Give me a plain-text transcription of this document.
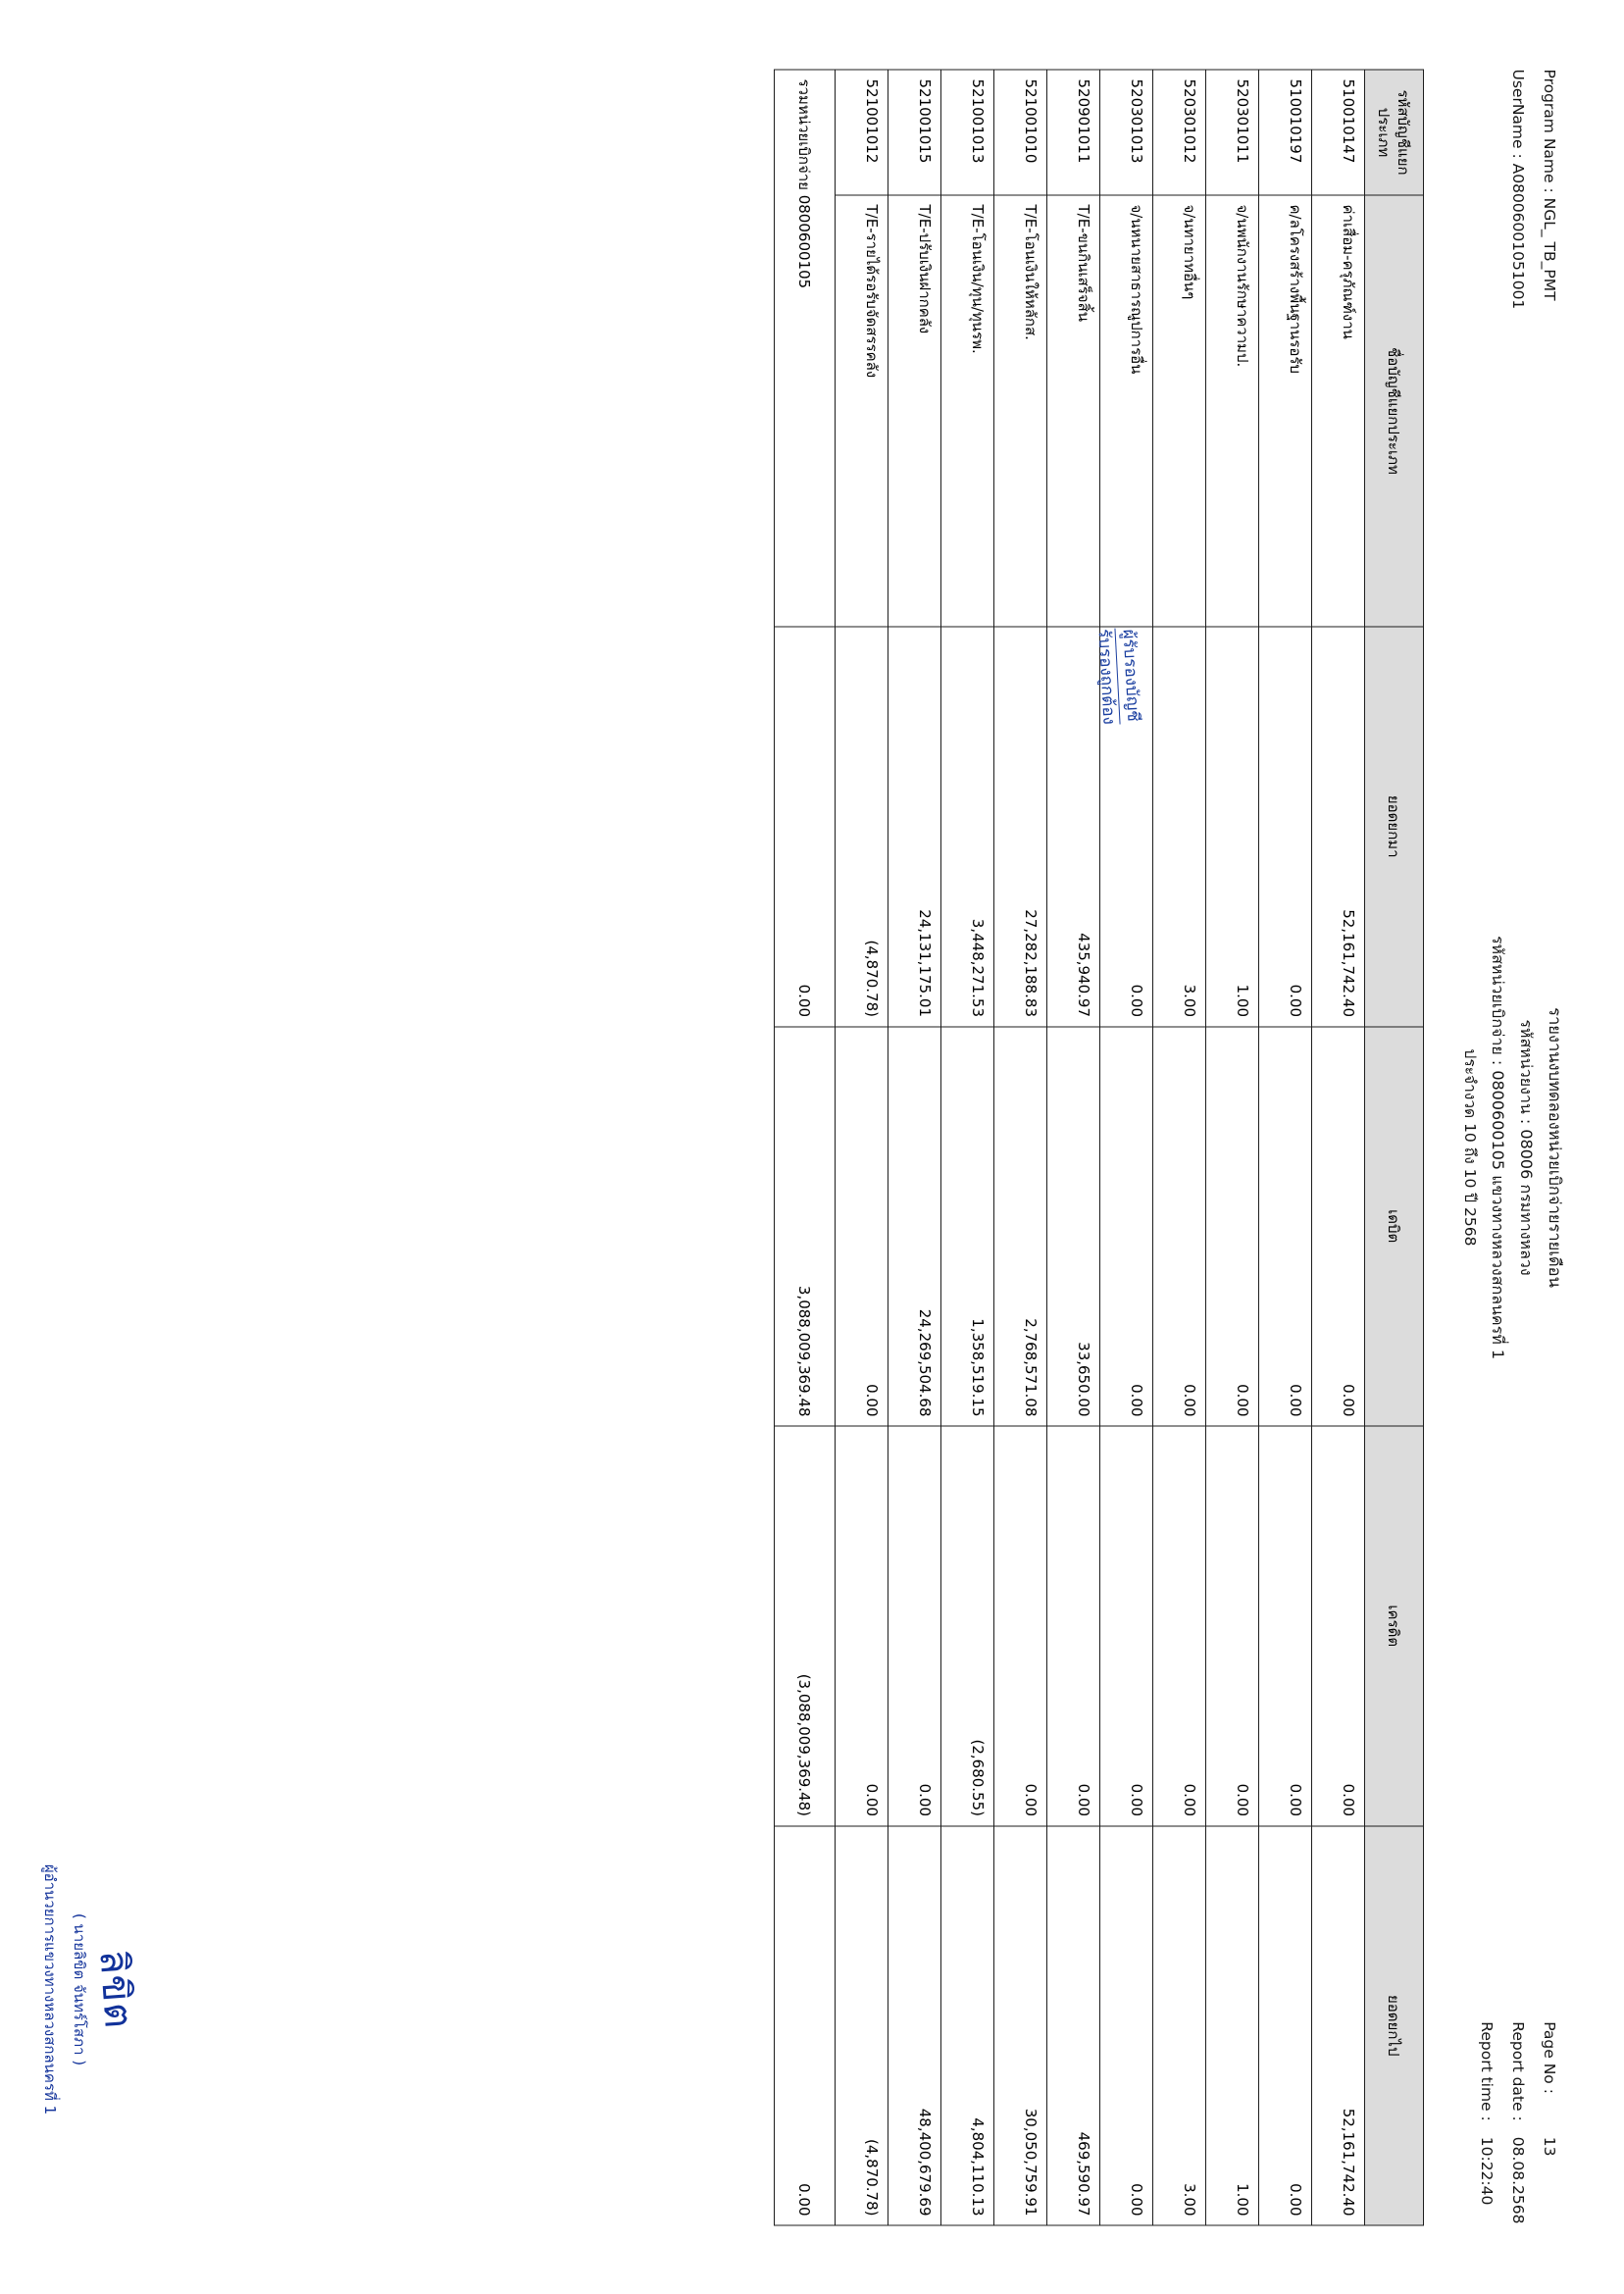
Program Name : NGL_ TB_PMT
UserName : A08006001051001
รายงานงบทดลองหน่วยเบิกจ่ายรายเดือน
รหัสหน่วยงาน : 08006 กรมทางหลวง
รหัสหน่วยเบิกจ่าย : 0800600105 แขวงทางหลวงสกลนครที่ 1
ประจำงวด 10 ถึง 10 ปี 2568
Page No :	13
Report date :	08.08.2568
Report time :	10:22:40
รหัสบัญชีแยกประเภท	ชื่อบัญชีแยกประเภท	ยอดยกมา	เดบิต	เครดิต	ยอดยกไป
510010147	ค่าเสื่อม-ครุภัณฑ์งาน	52,161,742.40	0.00	0.00	52,161,742.40
510010197	ค/ลโครงสร้างพื้นฐานรอรับ	0.00	0.00	0.00	0.00
520301011	จ/นพนักงานรักษาความป.	1.00	0.00	0.00	1.00
520301012	จ/นทายาทอื่นๆ	3.00	0.00	0.00	3.00
520301013	จ/นหนายสาธารณูปการอื่น	0.00	0.00	0.00	0.00
520901011	T/E-ขนกินเสร็จสิ้น	435,940.97	33,650.00	0.00	469,590.97
521001010	T/E-โอนเงินให้หลักส.	27,282,188.83	2,768,571.08	0.00	30,050,759.91
521001013	T/E-โอนเงิน/ทุน/ทุนรพ.	3,448,271.53	1,358,519.15	(2,680.55)	4,804,110.13
521001015	T/E-ปรับเงินฝากคลัง	24,131,175.01	24,269,504.68	0.00	48,400,679.69
521001012	T/E-รายได้รอรับจัดสรรคลัง	(4,870.78)	0.00	0.00	(4,870.78)
รวมหน่วยเบิกจ่าย 0800600105		0.00	3,088,009,369.48	(3,088,009,369.48)	0.00
ลิขิต
( นายลิขิต จันทร์โสภา )
ผู้อำนวยการแขวงทางหลวงสกลนครที่ 1
ผู้รับรองบัญชี
รับรองถูกต้อง
